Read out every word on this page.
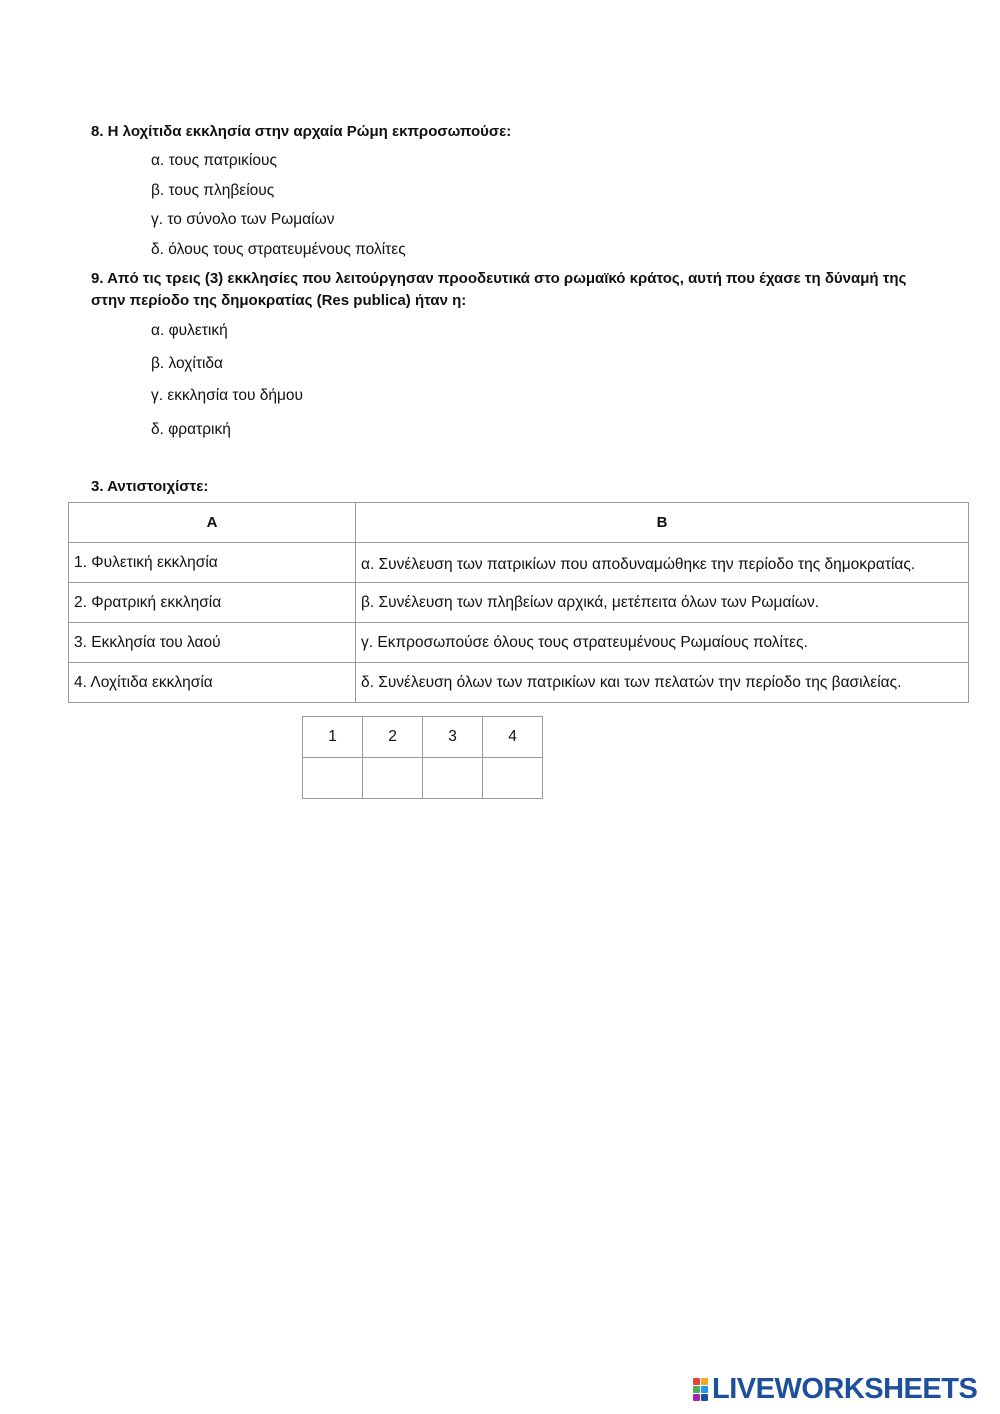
8. Η λοχίτιδα εκκλησία στην αρχαία Ρώμη εκπροσωπούσε:

α. τους πατρικίους
β. τους πληβείους
γ. το σύνολο των Ρωμαίων
δ. όλους τους στρατευμένους πολίτες

9. Από τις τρεις (3) εκκλησίες που λειτούργησαν προοδευτικά στο ρωμαϊκό κράτος, αυτή που έχασε τη δύναμή της στην περίοδο της δημοκρατίας (Res publica) ήταν η:

α. φυλετική
β. λοχίτιδα
γ. εκκλησία του δήμου
δ. φρατρική

3. Αντιστοιχίστε:

Α	Β
1. Φυλετική εκκλησία	α. Συνέλευση των πατρικίων που αποδυναμώθηκε την περίοδο της δημοκρατίας.

2. Φρατρική εκκλησία	β. Συνέλευση των πληβείων αρχικά, μετέπειτα όλων των Ρωμαίων.
3. Εκκλησία του λαού	γ. Εκπροσωπούσε όλους τους στρατευμένους Ρωμαίους πολίτες.
4. Λοχίτιδα εκκλησία	δ. Συνέλευση όλων των πατρικίων και των πελατών την περίοδο της βασιλείας.
1	2	3	4

LIVEWORKSHEETS
